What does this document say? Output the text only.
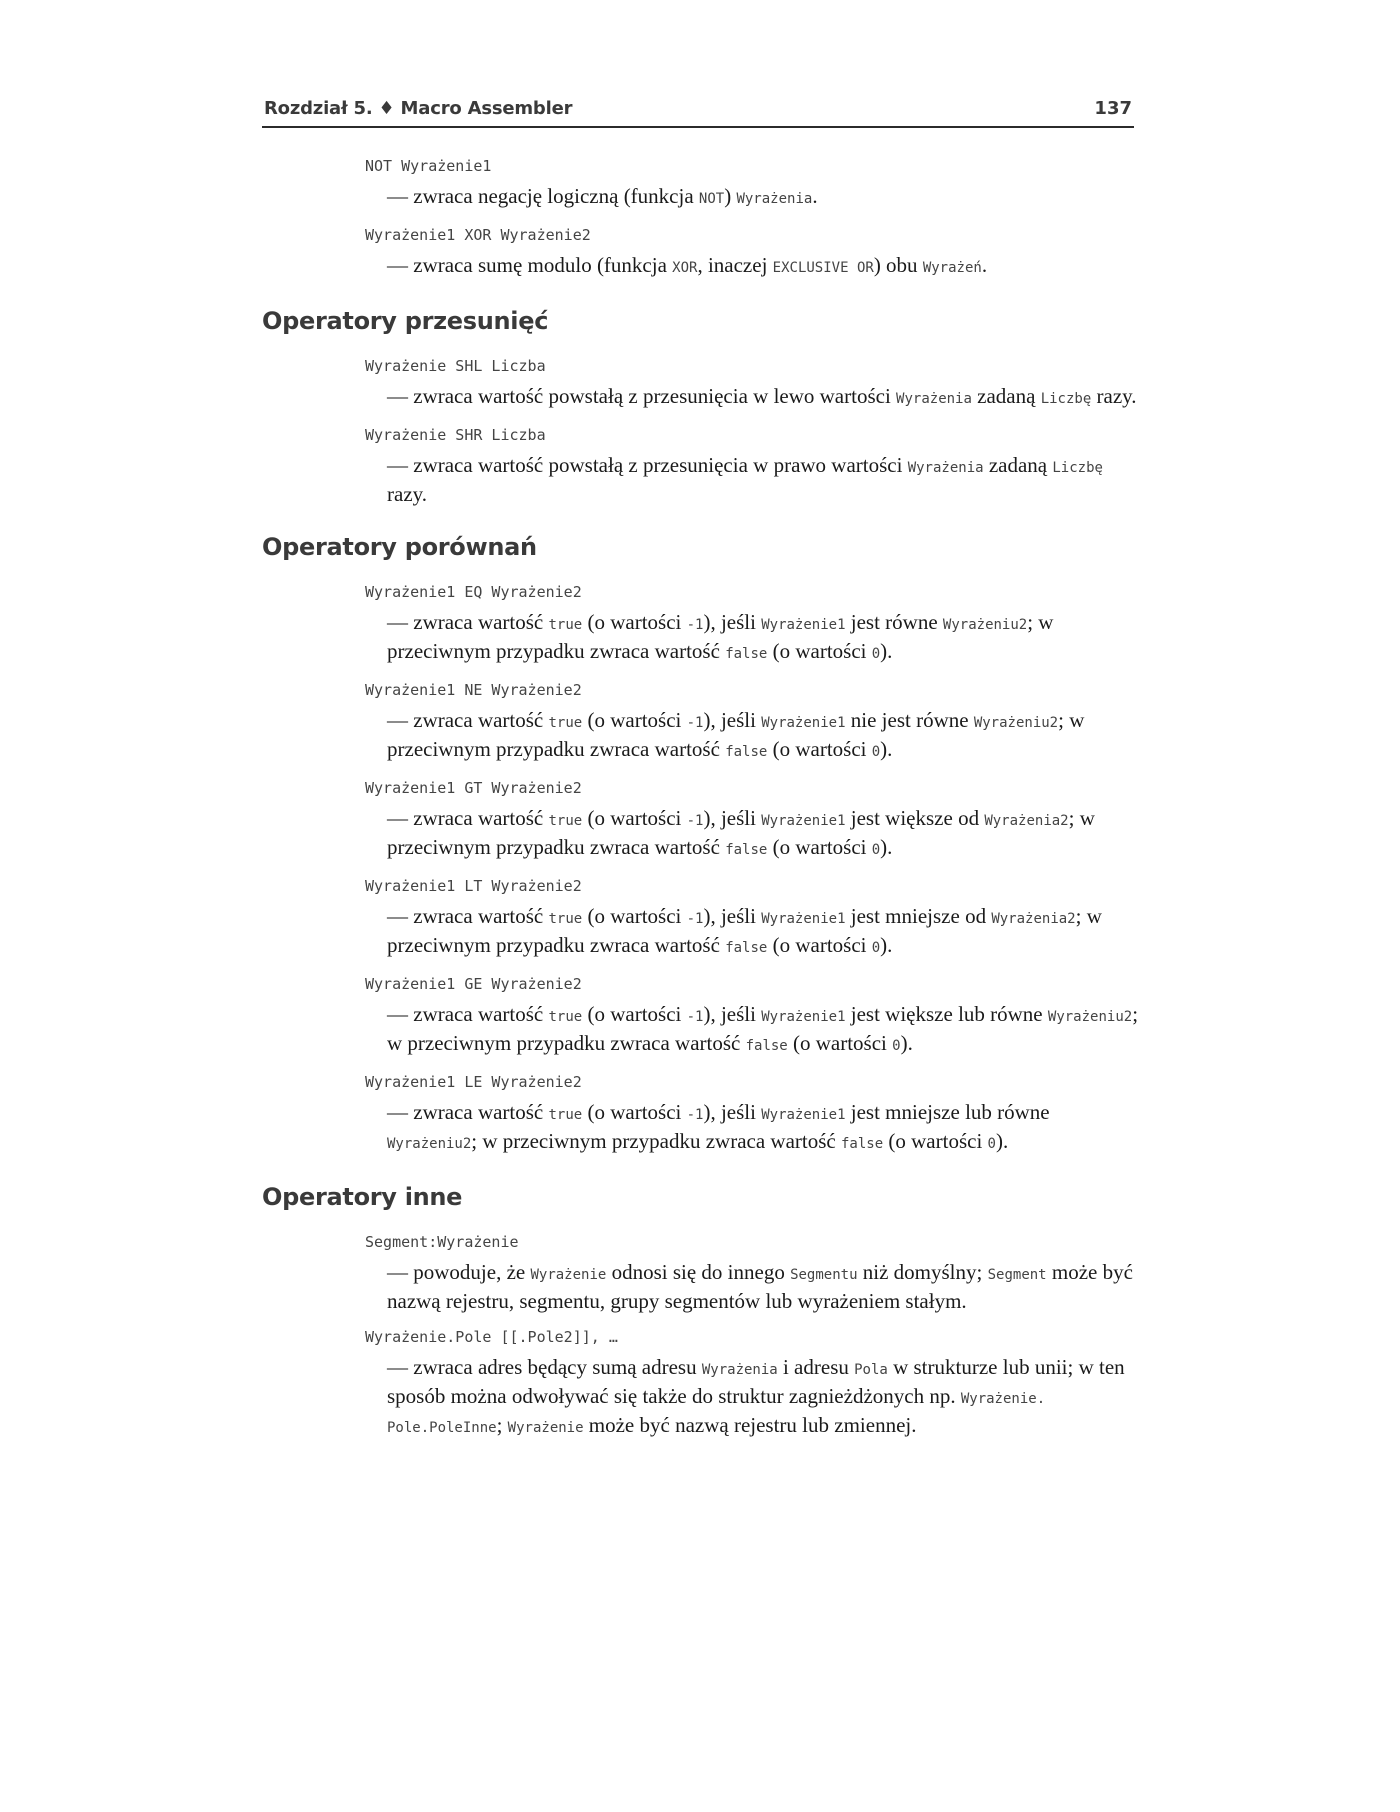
Rozdział 5. ♦ Macro Assembler	137
NOT Wyrażenie1
— zwraca negację logiczną (funkcja NOT) Wyrażenia.
Wyrażenie1 XOR Wyrażenie2
— zwraca sumę modulo (funkcja XOR, inaczej EXCLUSIVE OR) obu Wyrażeń.
Operatory przesunięć
Wyrażenie SHL Liczba
— zwraca wartość powstałą z przesunięcia w lewo wartości Wyrażenia zadaną Liczbę razy.
Wyrażenie SHR Liczba
— zwraca wartość powstałą z przesunięcia w prawo wartości Wyrażenia zadaną Liczbę razy.
Operatory porównań
Wyrażenie1 EQ Wyrażenie2
— zwraca wartość true (o wartości -1), jeśli Wyrażenie1 jest równe Wyrażeniu2; w przeciwnym przypadku zwraca wartość false (o wartości 0).
Wyrażenie1 NE Wyrażenie2
— zwraca wartość true (o wartości -1), jeśli Wyrażenie1 nie jest równe Wyrażeniu2; w przeciwnym przypadku zwraca wartość false (o wartości 0).
Wyrażenie1 GT Wyrażenie2
— zwraca wartość true (o wartości -1), jeśli Wyrażenie1 jest większe od Wyrażenia2; w przeciwnym przypadku zwraca wartość false (o wartości 0).
Wyrażenie1 LT Wyrażenie2
— zwraca wartość true (o wartości -1), jeśli Wyrażenie1 jest mniejsze od Wyrażenia2; w przeciwnym przypadku zwraca wartość false (o wartości 0).
Wyrażenie1 GE Wyrażenie2
— zwraca wartość true (o wartości -1), jeśli Wyrażenie1 jest większe lub równe Wyrażeniu2; w przeciwnym przypadku zwraca wartość false (o wartości 0).
Wyrażenie1 LE Wyrażenie2
— zwraca wartość true (o wartości -1), jeśli Wyrażenie1 jest mniejsze lub równe Wyrażeniu2; w przeciwnym przypadku zwraca wartość false (o wartości 0).
Operatory inne
Segment:Wyrażenie
— powoduje, że Wyrażenie odnosi się do innego Segmentu niż domyślny; Segment może być nazwą rejestru, segmentu, grupy segmentów lub wyrażeniem stałym.
Wyrażenie.Pole [[.Pole2]], …
— zwraca adres będący sumą adresu Wyrażenia i adresu Pola w strukturze lub unii; w ten sposób można odwoływać się także do struktur zagnieżdżonych np. Wyrażenie. Pole.PoleInne; Wyrażenie może być nazwą rejestru lub zmiennej.
